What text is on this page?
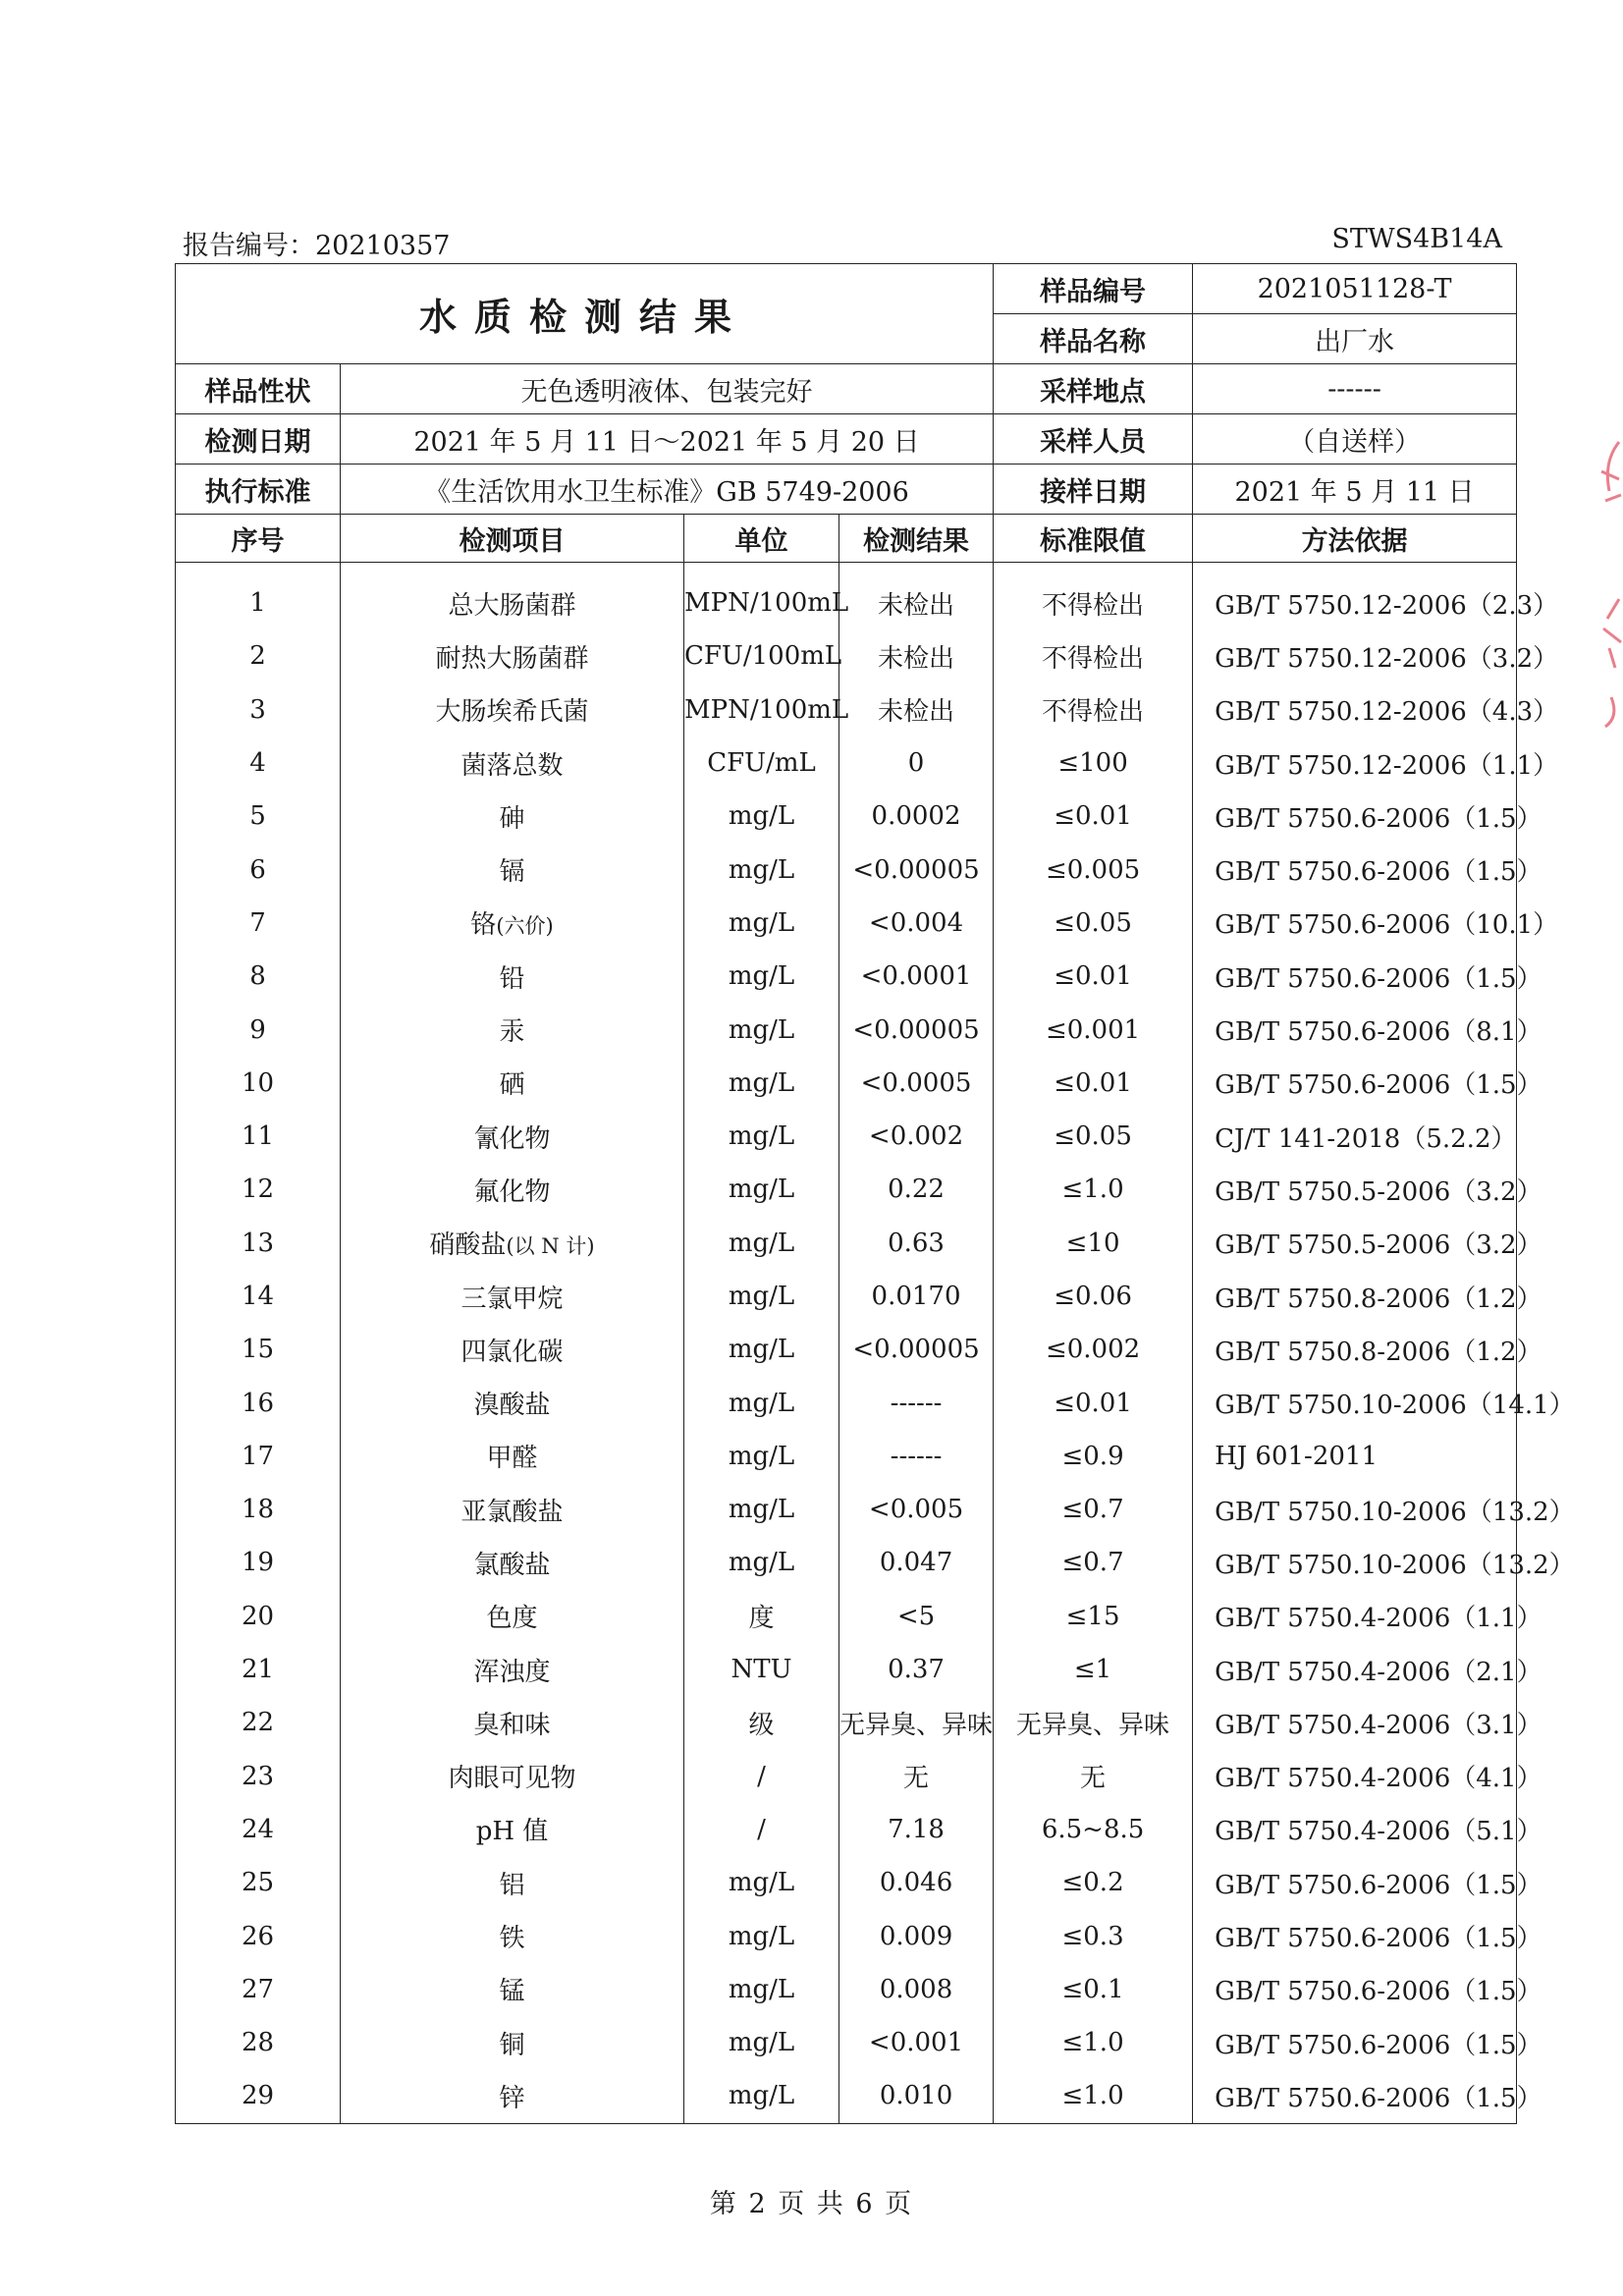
报告编号：20210357	STWS4B14A
水质检测结果				样品编号	2021051128-T
				样品名称	出厂水
样品性状	无色透明液体、包装完好			采样地点	------
检测日期	2021 年 5 月 11 日～2021 年 5 月 20 日			采样人员	（自送样）
执行标准	《生活饮用水卫生标准》GB 5749-2006			接样日期	2021 年 5 月 11 日
序号	检测项目	单位	检测结果	标准限值	方法依据
1	总大肠菌群	MPN/100mL	未检出	不得检出	GB/T 5750.12-2006（2.3）
2	耐热大肠菌群	CFU/100mL	未检出	不得检出	GB/T 5750.12-2006（3.2）
3	大肠埃希氏菌	MPN/100mL	未检出	不得检出	GB/T 5750.12-2006（4.3）
4	菌落总数	CFU/mL	0	≤100	GB/T 5750.12-2006（1.1）
5	砷	mg/L	0.0002	≤0.01	GB/T 5750.6-2006（1.5）
6	镉	mg/L	<0.00005	≤0.005	GB/T 5750.6-2006（1.5）
7	铬(六价)	mg/L	<0.004	≤0.05	GB/T 5750.6-2006（10.1）
8	铅	mg/L	<0.0001	≤0.01	GB/T 5750.6-2006（1.5）
9	汞	mg/L	<0.00005	≤0.001	GB/T 5750.6-2006（8.1）
10	硒	mg/L	<0.0005	≤0.01	GB/T 5750.6-2006（1.5）
11	氰化物	mg/L	<0.002	≤0.05	CJ/T 141-2018（5.2.2）
12	氟化物	mg/L	0.22	≤1.0	GB/T 5750.5-2006（3.2）
13	硝酸盐(以 N 计)	mg/L	0.63	≤10	GB/T 5750.5-2006（3.2）
14	三氯甲烷	mg/L	0.0170	≤0.06	GB/T 5750.8-2006（1.2）
15	四氯化碳	mg/L	<0.00005	≤0.002	GB/T 5750.8-2006（1.2）
16	溴酸盐	mg/L	------	≤0.01	GB/T 5750.10-2006（14.1）
17	甲醛	mg/L	------	≤0.9	HJ 601-2011
18	亚氯酸盐	mg/L	<0.005	≤0.7	GB/T 5750.10-2006（13.2）
19	氯酸盐	mg/L	0.047	≤0.7	GB/T 5750.10-2006（13.2）
20	色度	度	<5	≤15	GB/T 5750.4-2006（1.1）
21	浑浊度	NTU	0.37	≤1	GB/T 5750.4-2006（2.1）
22	臭和味	级	无异臭、异味	无异臭、异味	GB/T 5750.4-2006（3.1）
23	肉眼可见物	/	无	无	GB/T 5750.4-2006（4.1）
24	pH 值	/	7.18	6.5~8.5	GB/T 5750.4-2006（5.1）
25	铝	mg/L	0.046	≤0.2	GB/T 5750.6-2006（1.5）
26	铁	mg/L	0.009	≤0.3	GB/T 5750.6-2006（1.5）
27	锰	mg/L	0.008	≤0.1	GB/T 5750.6-2006（1.5）
28	铜	mg/L	<0.001	≤1.0	GB/T 5750.6-2006（1.5）
29	锌	mg/L	0.010	≤1.0	GB/T 5750.6-2006（1.5）
第 2 页 共 6 页
